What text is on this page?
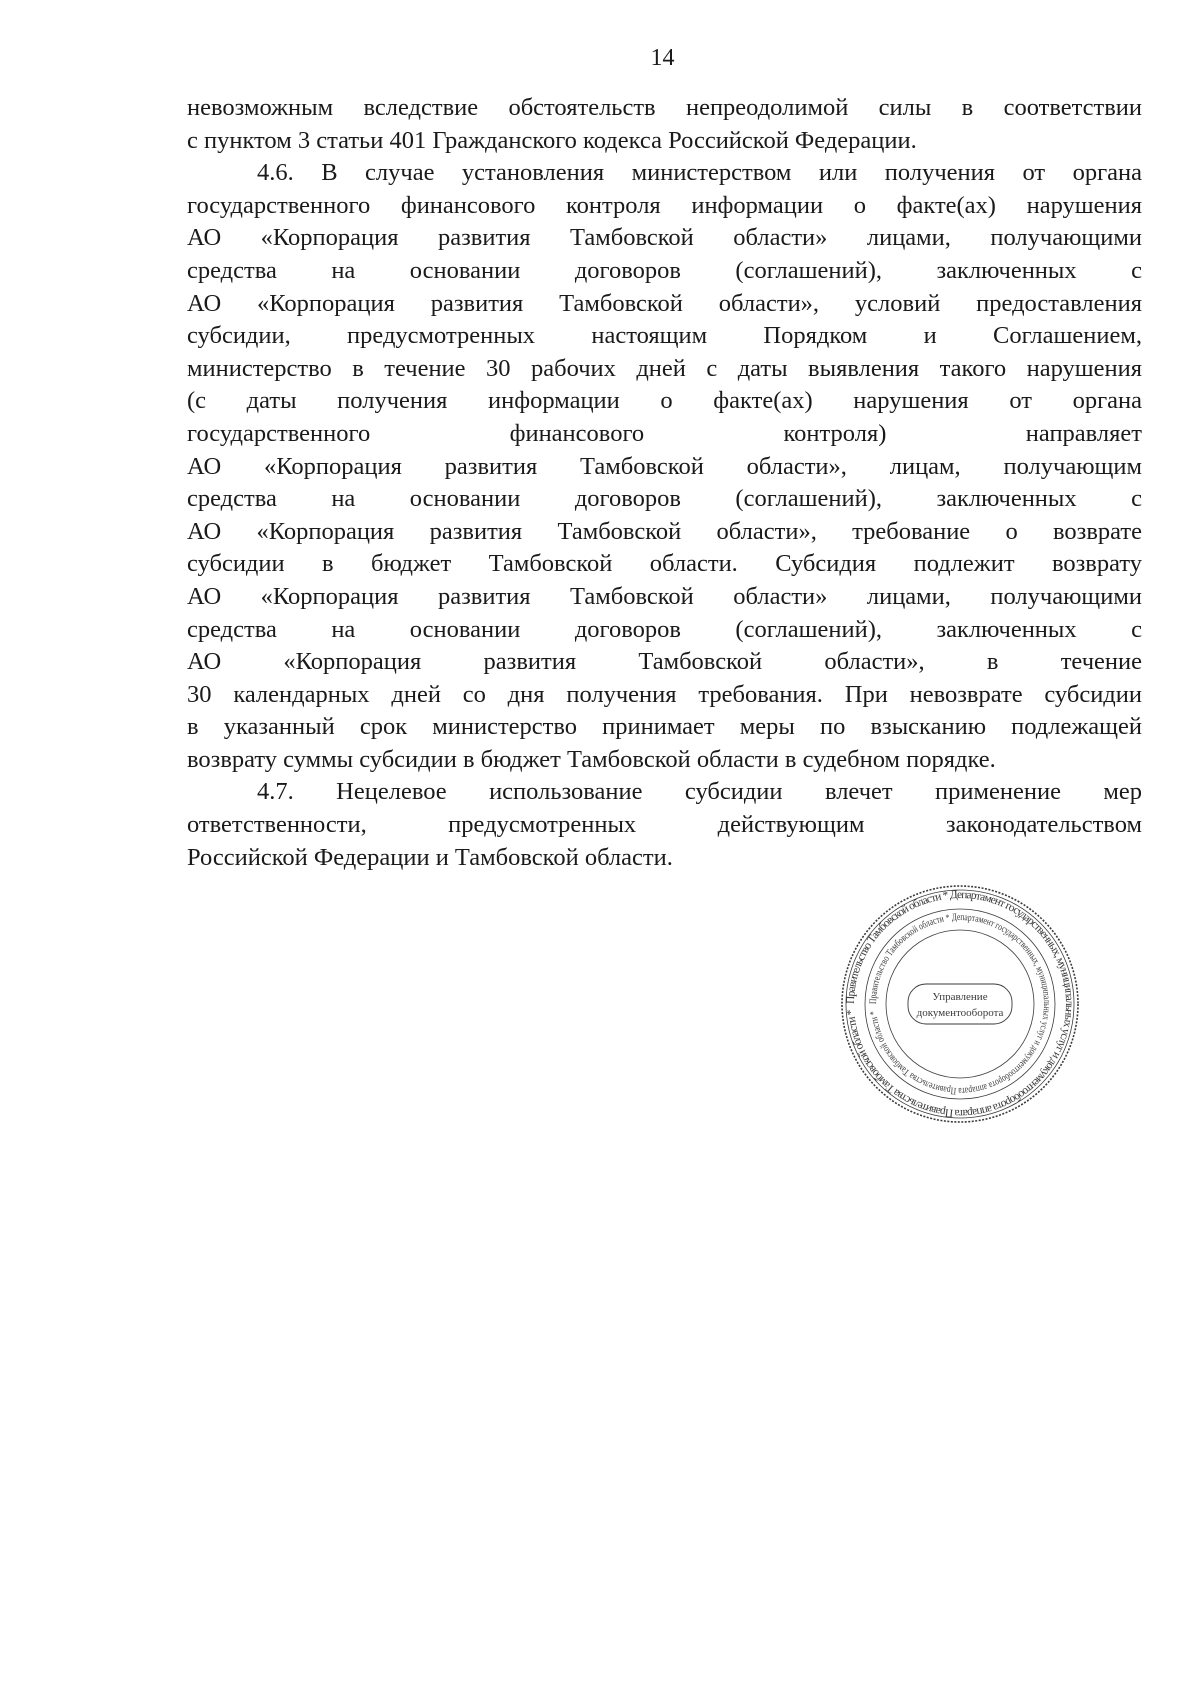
14

невозможным вследствие обстоятельств непреодолимой силы в соответствии
с пунктом 3 статьи 401 Гражданского кодекса Российской Федерации.

4.6. В случае установления министерством или получения от органа
государственного финансового контроля информации о факте(ах) нарушения
АО «Корпорация развития Тамбовской области» лицами, получающими
средства на основании договоров (соглашений), заключенных с
АО «Корпорация развития Тамбовской области», условий предоставления
субсидии, предусмотренных настоящим Порядком и Соглашением,
министерство в течение 30 рабочих дней с даты выявления такого нарушения
(с даты получения информации о факте(ах) нарушения от органа
государственного финансового контроля) направляет
АО «Корпорация развития Тамбовской области», лицам, получающим
средства на основании договоров (соглашений), заключенных с
АО «Корпорация развития Тамбовской области», требование о возврате
субсидии в бюджет Тамбовской области. Субсидия подлежит возврату
АО «Корпорация развития Тамбовской области» лицами, получающими
средства на основании договоров (соглашений), заключенных с
АО «Корпорация развития Тамбовской области», в течение
30 календарных дней со дня получения требования. При невозврате субсидии
в указанный срок министерство принимает меры по взысканию подлежащей
возврату суммы субсидии в бюджет Тамбовской области в судебном порядке.

4.7. Нецелевое использование субсидии влечет применение мер
ответственности, предусмотренных действующим законодательством
Российской Федерации и Тамбовской области.

Правительство Тамбовской области * Департамент государственных, муниципальных услуг и документооборота аппарата Правительства Тамбовской области *
Правительство Тамбовской области * Департамент государственных, муниципальных услуг и документооборота аппарата Правительства Тамбовской области *
Управление
документооборота
